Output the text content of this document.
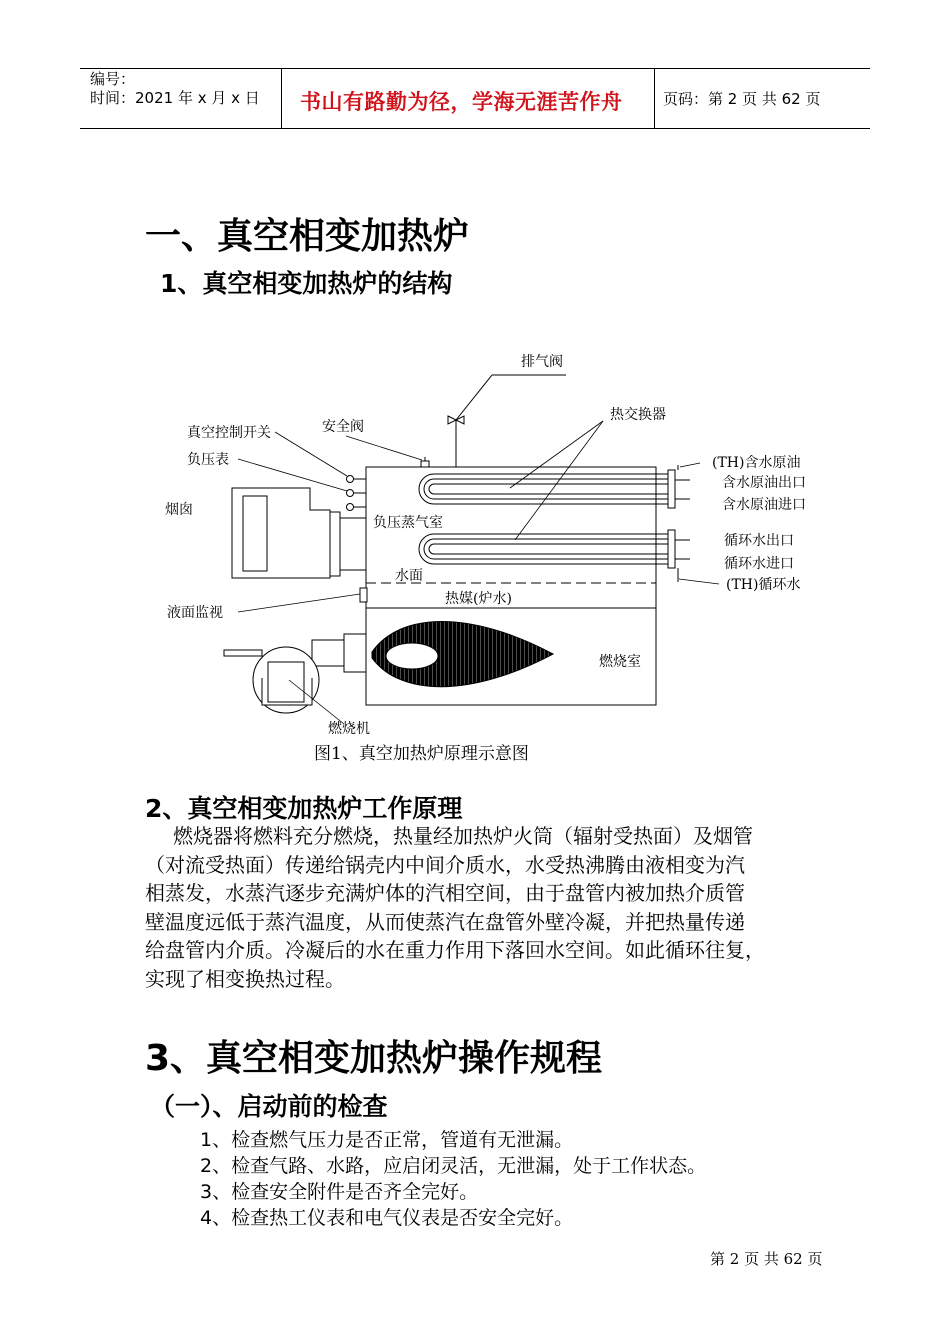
编号：
时间：2021 年 x 月 x 日 书山有路勤为径，学海无涯苦作舟	页码：第 2 页 共 62 页
一、真空相变加热炉
1、真空相变加热炉的结构
排气阀
安全阀
真空控制开关
负压表
烟囱
热交换器
(TH)含水原油
含水原油出口
含水原油进口
负压蒸气室
循环水出口
循环水进口
(TH)循环水
水面
热媒(炉水)
液面监视
燃烧室
燃烧机
图1、真空加热炉原理示意图
2、真空相变加热炉工作原理
燃烧器将燃料充分燃烧，热量经加热炉火筒（辐射受热面）及烟管
（对流受热面）传递给锅壳内中间介质水，水受热沸腾由液相变为汽
相蒸发，水蒸汽逐步充满炉体的汽相空间，由于盘管内被加热介质管
壁温度远低于蒸汽温度，从而使蒸汽在盘管外壁冷凝，并把热量传递
给盘管内介质。冷凝后的水在重力作用下落回水空间。如此循环往复，
实现了相变换热过程。
3、真空相变加热炉操作规程
（一）、启动前的检查
1、检查燃气压力是否正常，管道有无泄漏。
2、检查气路、水路，应启闭灵活，无泄漏，处于工作状态。
3、检查安全附件是否齐全完好。
4、检查热工仪表和电气仪表是否安全完好。
第 2 页 共 62 页
